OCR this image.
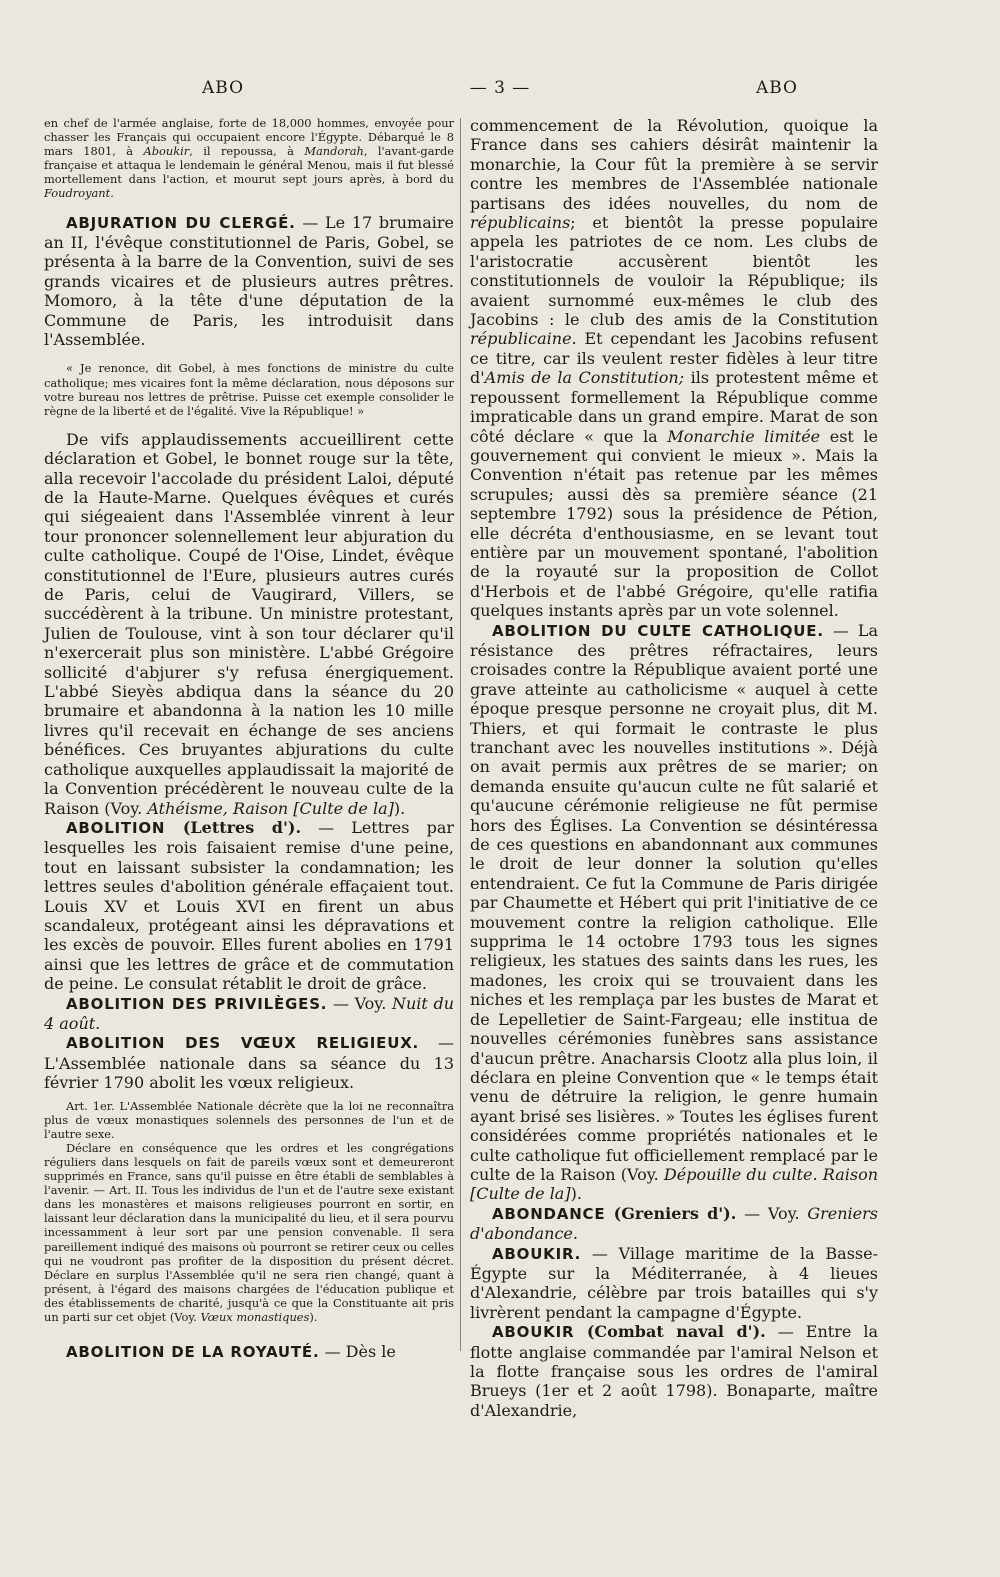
ABO	— 3 —	ABO

en chef de l'armée anglaise, forte de 18,000 hommes, envoyée pour chasser les Français qui occupaient encore l'Égypte. Débarqué le 8 mars 1801, à Aboukir, il repoussa, à Mandorah, l'avant-garde française et attaqua le lendemain le général Menou, mais il fut blessé mortellement dans l'action, et mourut sept jours après, à bord du Foudroyant.

ABJURATION DU CLERGÉ. — Le 17 brumaire an II, l'évêque constitutionnel de Paris, Gobel, se présenta à la barre de la Convention, suivi de ses grands vicaires et de plusieurs autres prêtres. Momoro, à la tête d'une députation de la Commune de Paris, les introduisit dans l'Assemblée.

« Je renonce, dit Gobel, à mes fonctions de ministre du culte catholique; mes vicaires font la même déclaration, nous déposons sur votre bureau nos lettres de prêtrise. Puisse cet exemple consolider le règne de la liberté et de l'égalité. Vive la République! »

De vifs applaudissements accueillirent cette déclaration et Gobel, le bonnet rouge sur la tête, alla recevoir l'accolade du président Laloi, député de la Haute-Marne. Quelques évêques et curés qui siégeaient dans l'Assemblée vinrent à leur tour prononcer solennellement leur abjuration du culte catholique. Coupé de l'Oise, Lindet, évêque constitutionnel de l'Eure, plusieurs autres curés de Paris, celui de Vaugirard, Villers, se succédèrent à la tribune. Un ministre protestant, Julien de Toulouse, vint à son tour déclarer qu'il n'exercerait plus son ministère. L'abbé Grégoire sollicité d'abjurer s'y refusa énergiquement. L'abbé Sieyès abdiqua dans la séance du 20 brumaire et abandonna à la nation les 10 mille livres qu'il recevait en échange de ses anciens bénéfices. Ces bruyantes abjurations du culte catholique auxquelles applaudissait la majorité de la Convention précédèrent le nouveau culte de la Raison (Voy. Athéisme, Raison [Culte de la]).

ABOLITION (Lettres d'). — Lettres par lesquelles les rois faisaient remise d'une peine, tout en laissant subsister la condamnation; les lettres seules d'abolition générale effaçaient tout. Louis XV et Louis XVI en firent un abus scandaleux, protégeant ainsi les dépravations et les excès de pouvoir. Elles furent abolies en 1791 ainsi que les lettres de grâce et de commutation de peine. Le consulat rétablit le droit de grâce.

ABOLITION DES PRIVILÈGES. — Voy. Nuit du 4 août.

ABOLITION DES VŒUX RELIGIEUX. — L'Assemblée nationale dans sa séance du 13 février 1790 abolit les vœux religieux.

Art. 1er. L'Assemblée Nationale décrète que la loi ne reconnaîtra plus de vœux monastiques solennels des personnes de l'un et de l'autre sexe.

Déclare en conséquence que les ordres et les congrégations réguliers dans lesquels on fait de pareils vœux sont et demeureront supprimés en France, sans qu'il puisse en être établi de semblables à l'avenir. — Art. II. Tous les individus de l'un et de l'autre sexe existant dans les monastères et maisons religieuses pourront en sortir, en laissant leur déclaration dans la municipalité du lieu, et il sera pourvu incessamment à leur sort par une pension convenable. Il sera pareillement indiqué des maisons où pourront se retirer ceux ou celles qui ne voudront pas profiter de la disposition du présent décret. Déclare en surplus l'Assemblée qu'il ne sera rien changé, quant à présent, à l'égard des maisons chargées de l'éducation publique et des établissements de charité, jusqu'à ce que la Constituante ait pris un parti sur cet objet (Voy. Vœux monastiques).

ABOLITION DE LA ROYAUTÉ. — Dès le

commencement de la Révolution, quoique la France dans ses cahiers désirât maintenir la monarchie, la Cour fût la première à se servir contre les membres de l'Assemblée nationale partisans des idées nouvelles, du nom de républicains; et bientôt la presse populaire appela les patriotes de ce nom. Les clubs de l'aristocratie accusèrent bientôt les constitutionnels de vouloir la République; ils avaient surnommé eux-mêmes le club des Jacobins : le club des amis de la Constitution républicaine. Et cependant les Jacobins refusent ce titre, car ils veulent rester fidèles à leur titre d'Amis de la Constitution; ils protestent même et repoussent formellement la République comme impraticable dans un grand empire. Marat de son côté déclare « que la Monarchie limitée est le gouvernement qui convient le mieux ». Mais la Convention n'était pas retenue par les mêmes scrupules; aussi dès sa première séance (21 septembre 1792) sous la présidence de Pétion, elle décréta d'enthousiasme, en se levant tout entière par un mouvement spontané, l'abolition de la royauté sur la proposition de Collot d'Herbois et de l'abbé Grégoire, qu'elle ratifia quelques instants après par un vote solennel.

ABOLITION DU CULTE CATHOLIQUE. — La résistance des prêtres réfractaires, leurs croisades contre la République avaient porté une grave atteinte au catholicisme « auquel à cette époque presque personne ne croyait plus, dit M. Thiers, et qui formait le contraste le plus tranchant avec les nouvelles institutions ». Déjà on avait permis aux prêtres de se marier; on demanda ensuite qu'aucun culte ne fût salarié et qu'aucune cérémonie religieuse ne fût permise hors des Églises. La Convention se désintéressa de ces questions en abandonnant aux communes le droit de leur donner la solution qu'elles entendraient. Ce fut la Commune de Paris dirigée par Chaumette et Hébert qui prit l'initiative de ce mouvement contre la religion catholique. Elle supprima le 14 octobre 1793 tous les signes religieux, les statues des saints dans les rues, les madones, les croix qui se trouvaient dans les niches et les remplaça par les bustes de Marat et de Lepelletier de Saint-Fargeau; elle institua de nouvelles cérémonies funèbres sans assistance d'aucun prêtre. Anacharsis Clootz alla plus loin, il déclara en pleine Convention que « le temps était venu de détruire la religion, le genre humain ayant brisé ses lisières. » Toutes les églises furent considérées comme propriétés nationales et le culte catholique fut officiellement remplacé par le culte de la Raison (Voy. Dépouille du culte. Raison [Culte de la]).

ABONDANCE (Greniers d'). — Voy. Greniers d'abondance.

ABOUKIR. — Village maritime de la Basse-Égypte sur la Méditerranée, à 4 lieues d'Alexandrie, célèbre par trois batailles qui s'y livrèrent pendant la campagne d'Égypte.

ABOUKIR (Combat naval d'). — Entre la flotte anglaise commandée par l'amiral Nelson et la flotte française sous les ordres de l'amiral Brueys (1er et 2 août 1798). Bonaparte, maître d'Alexandrie,
